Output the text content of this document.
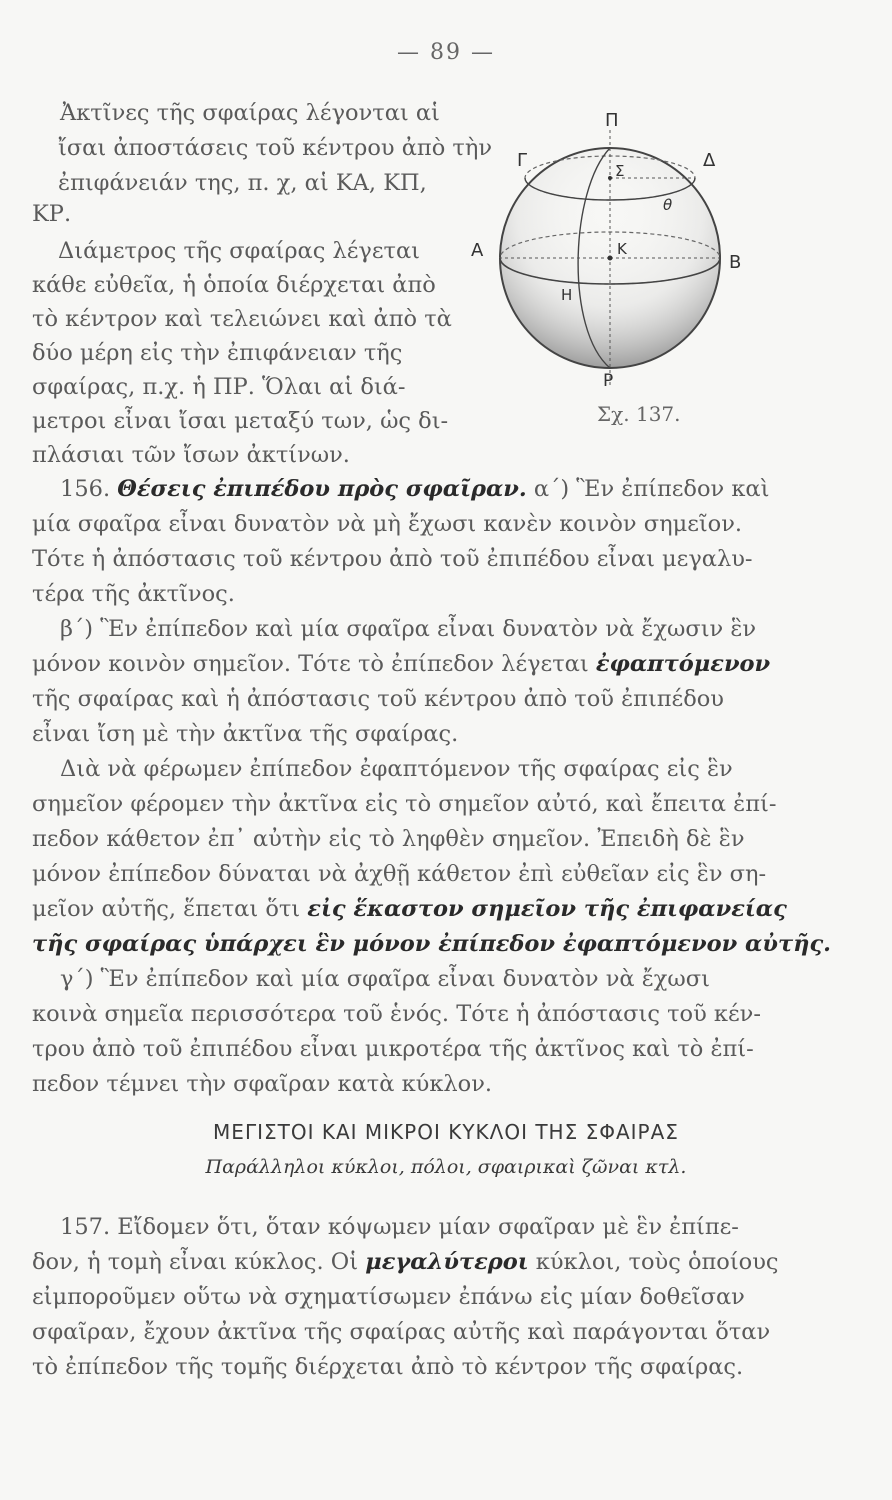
— 89 —
Π
Γ	Δ
Σ
θ
Α	Κ
Β
Η
Ρ
Σχ. 137.
Ἀκτῖνες τῆς σφαίρας λέγονται αἱ
ἴσαι ἀποστάσεις τοῦ κέντρου ἀπὸ τὴν
ἐπιφάνειάν της, π. χ, αἱ ΚΑ, ΚΠ,
ΚΡ.
Διάμετρος τῆς σφαίρας λέγεται
κάθε εὐθεῖα, ἡ ὁποία διέρχεται ἀπὸ
τὸ κέντρον καὶ τελειώνει καὶ ἀπὸ τὰ
δύο μέρη εἰς τὴν ἐπιφάνειαν τῆς
σφαίρας, π.χ. ἡ ΠΡ. Ὅλαι αἱ διά-
μετροι εἶναι ἴσαι μεταξύ των, ὡς δι-
πλάσιαι τῶν ἴσων ἀκτίνων.
156. Θέσεις ἐπιπέδου πρὸς σφαῖραν. α΄) Ἓν ἐπίπεδον καὶ
μία σφαῖρα εἶναι δυνατὸν νὰ μὴ ἔχωσι κανὲν κοινὸν σημεῖον.
Τότε ἡ ἀπόστασις τοῦ κέντρου ἀπὸ τοῦ ἐπιπέδου εἶναι μεγαλυ-
τέρα τῆς ἀκτῖνος.
β΄) Ἓν ἐπίπεδον καὶ μία σφαῖρα εἶναι δυνατὸν νὰ ἔχωσιν ἓν
μόνον κοινὸν σημεῖον. Τότε τὸ ἐπίπεδον λέγεται ἐφαπτόμενον
τῆς σφαίρας καὶ ἡ ἀπόστασις τοῦ κέντρου ἀπὸ τοῦ ἐπιπέδου
εἶναι ἴση μὲ τὴν ἀκτῖνα τῆς σφαίρας.
Διὰ νὰ φέρωμεν ἐπίπεδον ἐφαπτόμενον τῆς σφαίρας εἰς ἓν
σημεῖον φέρομεν τὴν ἀκτῖνα εἰς τὸ σημεῖον αὐτό, καὶ ἔπειτα ἐπί-
πεδον κάθετον ἐπ᾿ αὐτὴν εἰς τὸ ληφθὲν σημεῖον. Ἐπειδὴ δὲ ἓν
μόνον ἐπίπεδον δύναται νὰ ἀχθῇ κάθετον ἐπὶ εὐθεῖαν εἰς ἓν ση-
μεῖον αὐτῆς, ἕπεται ὅτι εἰς ἕκαστον σημεῖον τῆς ἐπιφανείας
τῆς σφαίρας ὑπάρχει ἓν μόνον ἐπίπεδον ἐφαπτόμενον αὐτῆς.
γ΄) Ἓν ἐπίπεδον καὶ μία σφαῖρα εἶναι δυνατὸν νὰ ἔχωσι
κοινὰ σημεῖα περισσότερα τοῦ ἑνός. Τότε ἡ ἀπόστασις τοῦ κέν-
τρου ἀπὸ τοῦ ἐπιπέδου εἶναι μικροτέρα τῆς ἀκτῖνος καὶ τὸ ἐπί-
πεδον τέμνει τὴν σφαῖραν κατὰ κύκλον.
ΜΕΓΙΣΤΟΙ ΚΑΙ ΜΙΚΡΟΙ ΚΥΚΛΟΙ ΤΗΣ ΣΦΑΙΡΑΣ
Παράλληλοι κύκλοι, πόλοι, σφαιρικαὶ ζῶναι κτλ.
157. Εἴδομεν ὅτι, ὅταν κόψωμεν μίαν σφαῖραν μὲ ἓν ἐπίπε-
δον, ἡ τομὴ εἶναι κύκλος. Οἱ μεγαλύτεροι κύκλοι, τοὺς ὁποίους
εἰμποροῦμεν οὕτω νὰ σχηματίσωμεν ἐπάνω εἰς μίαν δοθεῖσαν
σφαῖραν, ἔχουν ἀκτῖνα τῆς σφαίρας αὐτῆς καὶ παράγονται ὅταν
τὸ ἐπίπεδον τῆς τομῆς διέρχεται ἀπὸ τὸ κέντρον τῆς σφαίρας.
